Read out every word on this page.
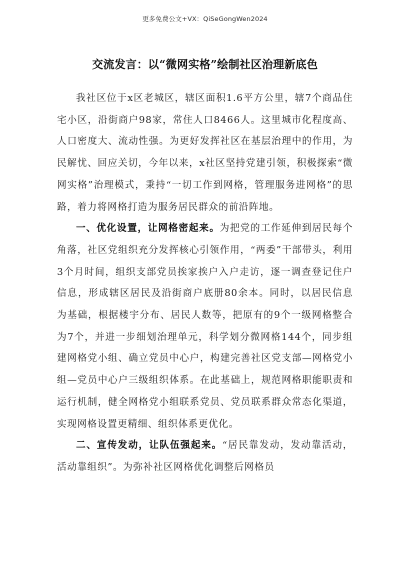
更多免费公文+VX：QiSeGongWen2024
交流发言：以“微网实格”绘制社区治理新底色

我社区位于x区老城区，辖区面积1.6平方公里，辖7个商品住宅小区，沿街商户98家，常住人口8466人。这里城市化程度高、人口密度大、流动性强。为更好发挥社区在基层治理中的作用，为民解忧、回应关切，今年以来，x社区坚持党建引领，积极探索“微网实格”治理模式，秉持“一切工作到网格，管理服务进网格”的思路，着力将网格打造为服务居民群众的前沿阵地。

一、优化设置，让网格密起来。为把党的工作延伸到居民每个角落，社区党组织充分发挥核心引领作用，“两委”干部带头，利用3个月时间，组织支部党员挨家挨户入户走访，逐一调查登记住户信息，形成辖区居民及沿街商户底册80余本。同时，以居民信息为基础，根据楼宇分布、居民人数等，把原有的9个一级网格整合为7个，并进一步细划治理单元，科学划分微网格144个，同步组建网格党小组、确立党员中心户，构建完善社区党支部—网格党小组—党员中心户三级组织体系。在此基础上，规范网格职能职责和运行机制，健全网格党小组联系党员、党员联系群众常态化渠道，实现网格设置更精细、组织体系更优化。

二、宣传发动，让队伍强起来。“居民靠发动，发动靠活动，活动靠组织”。为弥补社区网格优化调整后网格员
